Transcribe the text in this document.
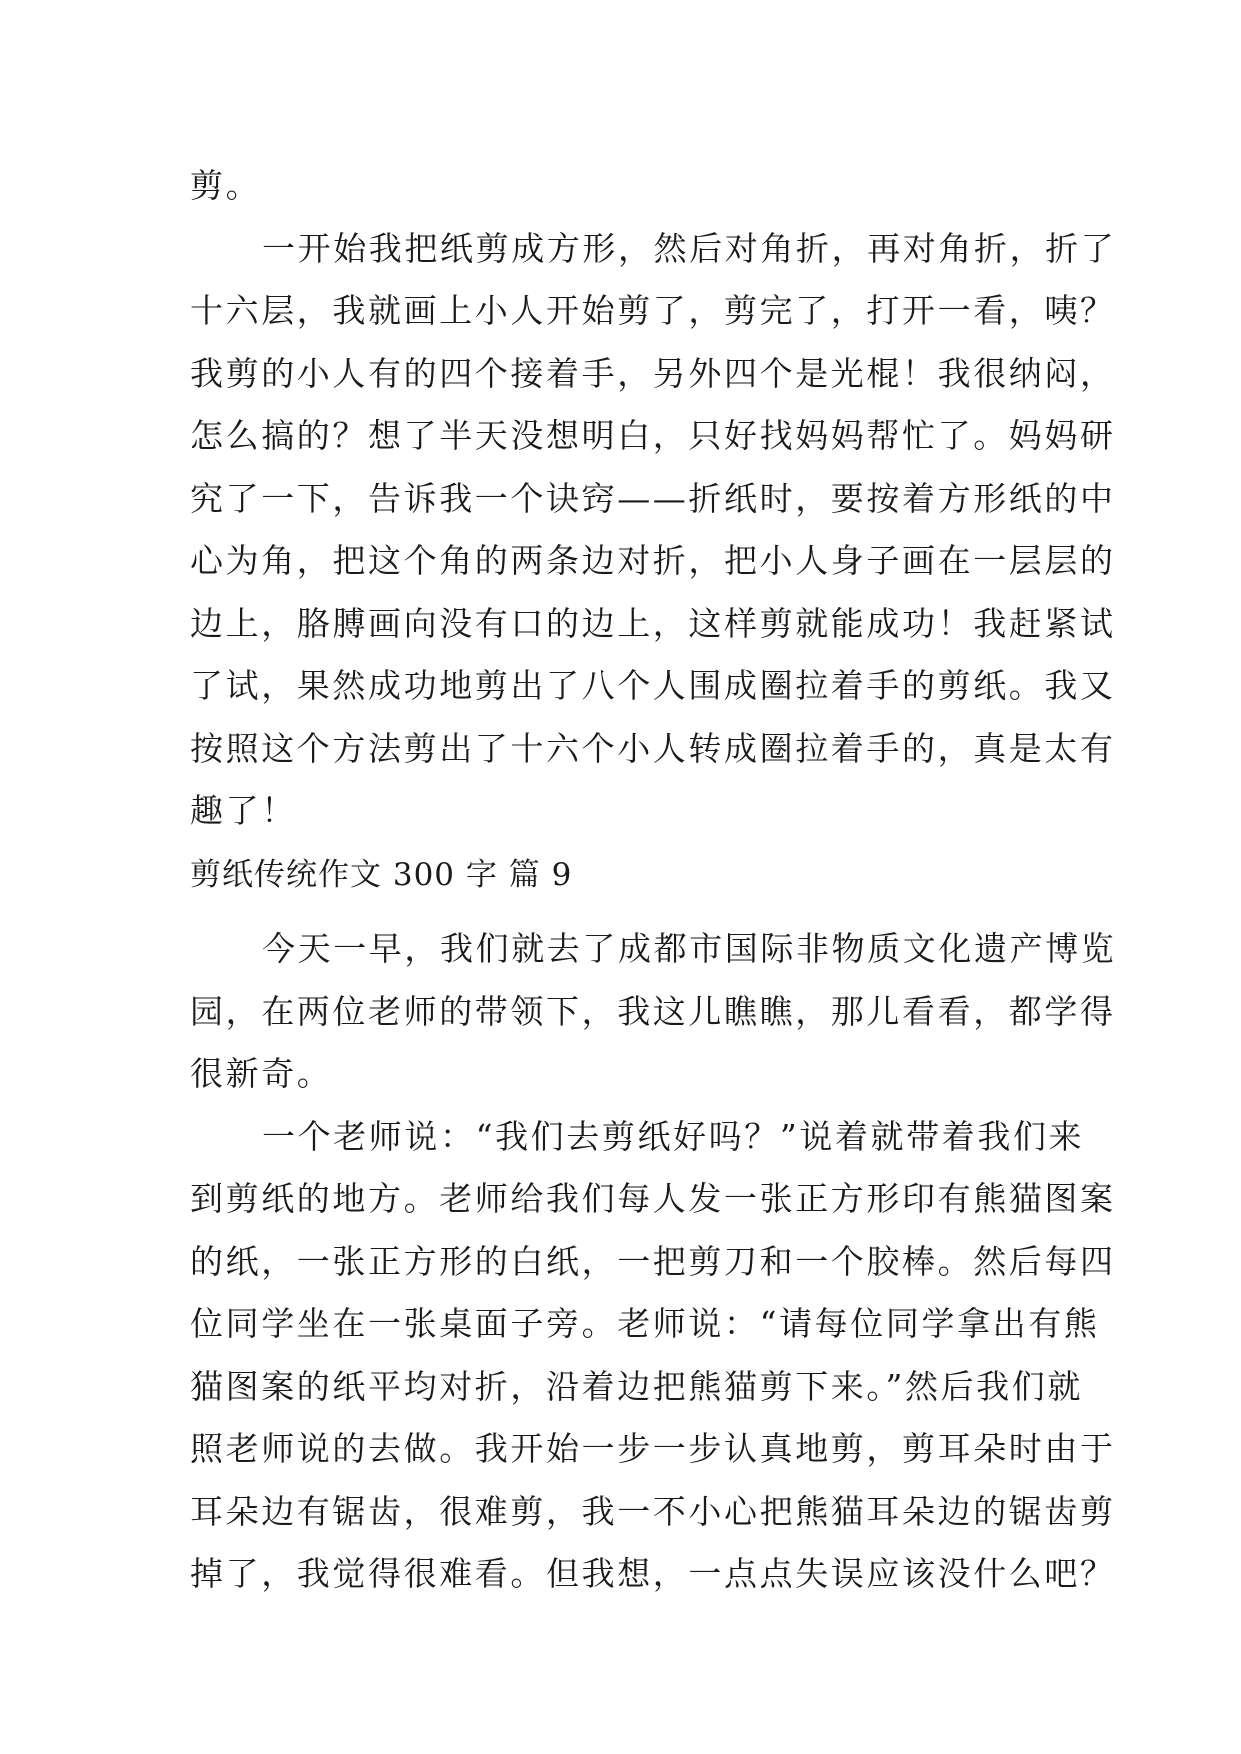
剪。

一开始我把纸剪成方形，然后对角折，再对角折，折了
十六层，我就画上小人开始剪了，剪完了，打开一看，咦？
我剪的小人有的四个接着手，另外四个是光棍！我很纳闷，
怎么搞的？想了半天没想明白，只好找妈妈帮忙了。妈妈研
究了一下，告诉我一个诀窍——折纸时，要按着方形纸的中
心为角，把这个角的两条边对折，把小人身子画在一层层的
边上，胳膊画向没有口的边上，这样剪就能成功！我赶紧试
了试，果然成功地剪出了八个人围成圈拉着手的剪纸。我又
按照这个方法剪出了十六个小人转成圈拉着手的，真是太有
趣了！

剪纸传统作文 300 字 篇 9

今天一早，我们就去了成都市国际非物质文化遗产博览
园，在两位老师的带领下，我这儿瞧瞧，那儿看看，都学得
很新奇。

一个老师说：“我们去剪纸好吗？”说着就带着我们来
到剪纸的地方。老师给我们每人发一张正方形印有熊猫图案
的纸，一张正方形的白纸，一把剪刀和一个胶棒。然后每四
位同学坐在一张桌面子旁。老师说：“请每位同学拿出有熊
猫图案的纸平均对折，沿着边把熊猫剪下来。”然后我们就
照老师说的去做。我开始一步一步认真地剪，剪耳朵时由于
耳朵边有锯齿，很难剪，我一不小心把熊猫耳朵边的锯齿剪
掉了，我觉得很难看。但我想，一点点失误应该没什么吧？
